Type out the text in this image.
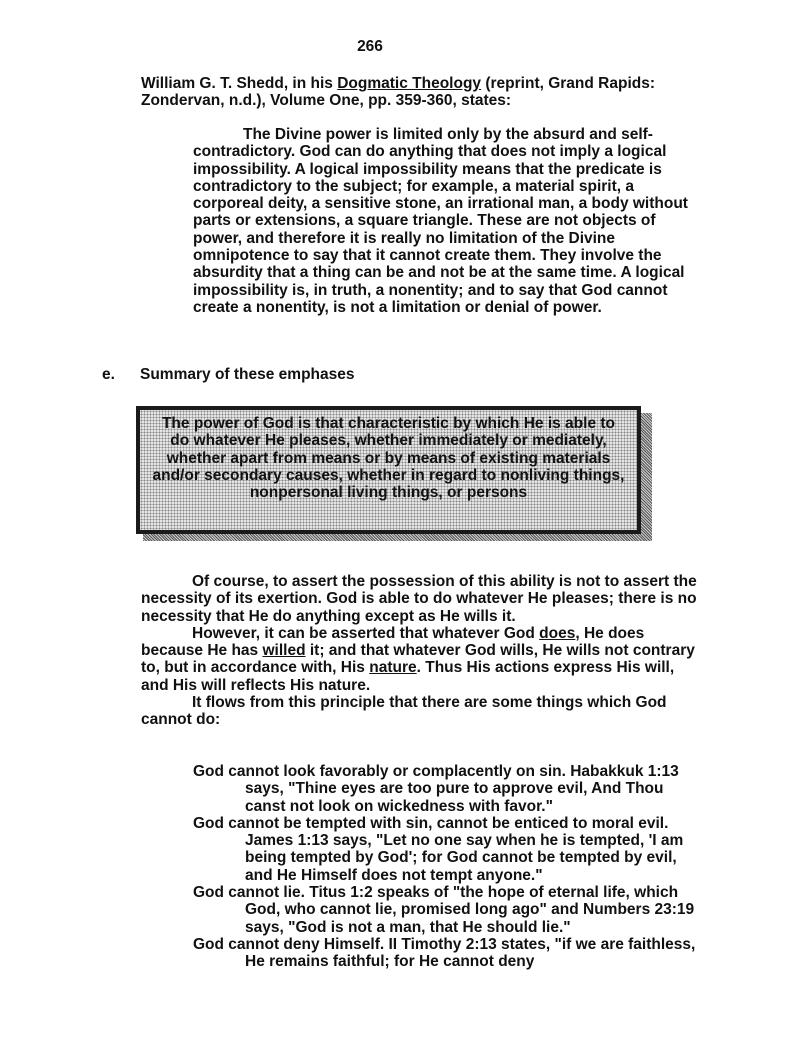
266
William G. T. Shedd, in his Dogmatic Theology (reprint, Grand Rapids: Zondervan, n.d.), Volume One, pp. 359-360, states:
The Divine power is limited only by the absurd and self-contradictory. God can do anything that does not imply a logical impossibility. A logical impossibility means that the predicate is contradictory to the subject; for example, a material spirit, a corporeal deity, a sensitive stone, an irrational man, a body without parts or extensions, a square triangle. These are not objects of power, and therefore it is really no limitation of the Divine omnipotence to say that it cannot create them. They involve the absurdity that a thing can be and not be at the same time. A logical impossibility is, in truth, a nonentity; and to say that God cannot create a nonentity, is not a limitation or denial of power.
e. Summary of these emphases
The power of God is that characteristic by which He is able to do whatever He pleases, whether immediately or mediately, whether apart from means or by means of existing materials and/or secondary causes, whether in regard to nonliving things, nonpersonal living things, or persons
Of course, to assert the possession of this ability is not to assert the necessity of its exertion. God is able to do whatever He pleases; there is no necessity that He do anything except as He wills it.
However, it can be asserted that whatever God does, He does because He has willed it; and that whatever God wills, He wills not contrary to, but in accordance with, His nature. Thus His actions express His will, and His will reflects His nature.
It flows from this principle that there are some things which God cannot do:
God cannot look favorably or complacently on sin. Habakkuk 1:13 says, "Thine eyes are too pure to approve evil, And Thou canst not look on wickedness with favor."
God cannot be tempted with sin, cannot be enticed to moral evil. James 1:13 says, "Let no one say when he is tempted, 'I am being tempted by God'; for God cannot be tempted by evil, and He Himself does not tempt anyone."
God cannot lie. Titus 1:2 speaks of "the hope of eternal life, which God, who cannot lie, promised long ago" and Numbers 23:19 says, "God is not a man, that He should lie."
God cannot deny Himself. II Timothy 2:13 states, "if we are faithless, He remains faithful; for He cannot deny
